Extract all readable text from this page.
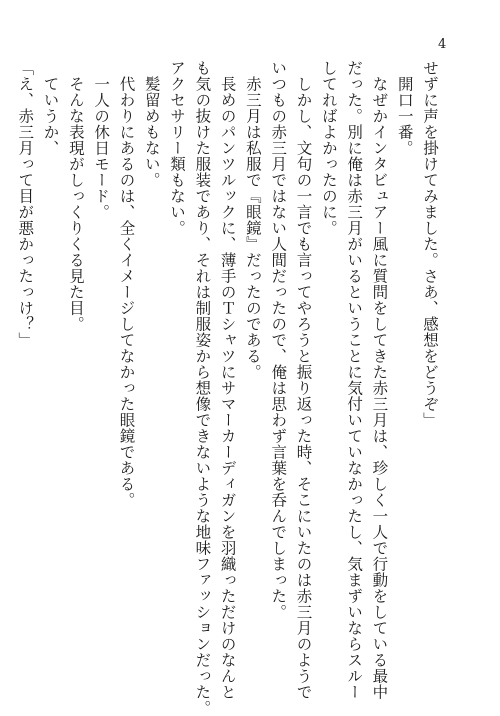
4
せずに声を掛けてみました。さあ、感想をどうぞ」
　開口一番。
　なぜかインタビュアー風に質問をしてきた赤三月は、珍しく一人で行動をしている最中
だった。別に俺は赤三月がいるということに気付いていなかったし、気まずいならスルー
してればよかったのに。
　しかし、文句の一言でも言ってやろうと振り返った時、そこにいたのは赤三月のようで
いつもの赤三月ではない人間だったので、俺は思わず言葉を呑んでしまった。
　赤三月は私服で『眼鏡』だったのである。
　長めのパンツルックに、薄手のＴシャツにサマーカーディガンを羽織っただけのなんと
も気の抜けた服装であり、それは制服姿から想像できないような地味ファッションだった。
アクセサリー類もない。
　髪留めもない。
　代わりにあるのは、全くイメージしてなかった眼鏡である。
　一人の休日モード。
　そんな表現がしっくりくる見た目。
　ていうか、
「え、赤三月って目が悪かったっけ？」
